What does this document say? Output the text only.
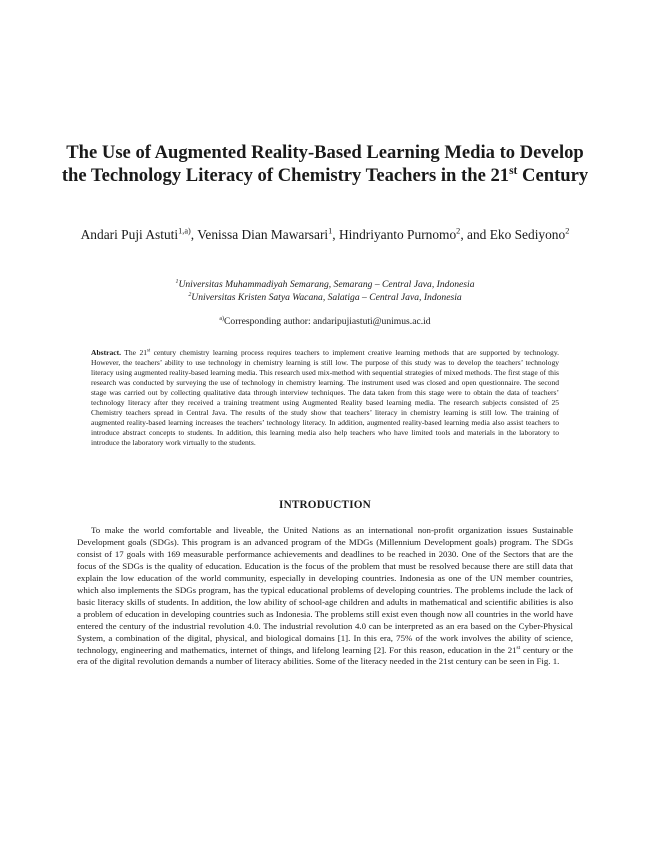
The Use of Augmented Reality-Based Learning Media to Develop the Technology Literacy of Chemistry Teachers in the 21st Century
Andari Puji Astuti$^{1,a)}$, Venissa Dian Mawarsari$^1$, Hindriyanto Purnomo$^2$, and Eko Sediyono$^2$
$^1$Universitas Muhammadiyah Semarang, Semarang – Central Java, Indonesia
$^2$Universitas Kristen Satya Wacana, Salatiga – Central Java, Indonesia
$^{a)}$Corresponding author: andaripujiastuti@unimus.ac.id

Abstract. The 21st century chemistry learning process requires teachers to implement creative learning methods that are supported by technology. However, the teachers’ ability to use technology in chemistry learning is still low. The purpose of this study was to develop the teachers’ technology literacy using augmented reality-based learning media. This research used mix-method with sequential strategies of mixed methods. The first stage of this research was conducted by surveying the use of technology in chemistry learning. The instrument used was closed and open questionnaire. The second stage was carried out by collecting qualitative data through interview techniques. The data taken from this stage were to obtain the data of teachers’ technology literacy after they received a training treatment using Augmented Reality based learning media. The research subjects consisted of 25 Chemistry teachers spread in Central Java. The results of the study show that teachers’ literacy in chemistry learning is still low. The training of augmented reality-based learning increases the teachers’ technology literacy. In addition, augmented reality-based learning media also assist teachers to introduce abstract concepts to students. In addition, this learning media also help teachers who have limited tools and materials in the laboratory to introduce the laboratory work virtually to the students.

INTRODUCTION

To make the world comfortable and liveable, the United Nations as an international non-profit organization issues Sustainable Development goals (SDGs). This program is an advanced program of the MDGs (Millennium Development goals) program. The SDGs consist of 17 goals with 169 measurable performance achievements and deadlines to be reached in 2030. One of the Sectors that are the focus of the SDGs is the quality of education. Education is the focus of the problem that must be resolved because there are still data that explain the low education of the world community, especially in developing countries. Indonesia as one of the UN member countries, which also implements the SDGs program, has the typical educational problems of developing countries. The problems include the lack of basic literacy skills of students. In addition, the low ability of school-age children and adults in mathematical and scientific abilities is also a problem of education in developing countries such as Indonesia. The problems still exist even though now all countries in the world have entered the century of the industrial revolution 4.0. The industrial revolution 4.0 can be interpreted as an era based on the Cyber-Physical System, a combination of the digital, physical, and biological domains [1]. In this era, 75% of the work involves the ability of science, technology, engineering and mathematics, internet of things, and lifelong learning [2]. For this reason, education in the 21st century or the era of the digital revolution demands a number of literacy abilities. Some of the literacy needed in the 21st century can be seen in Fig. 1.
